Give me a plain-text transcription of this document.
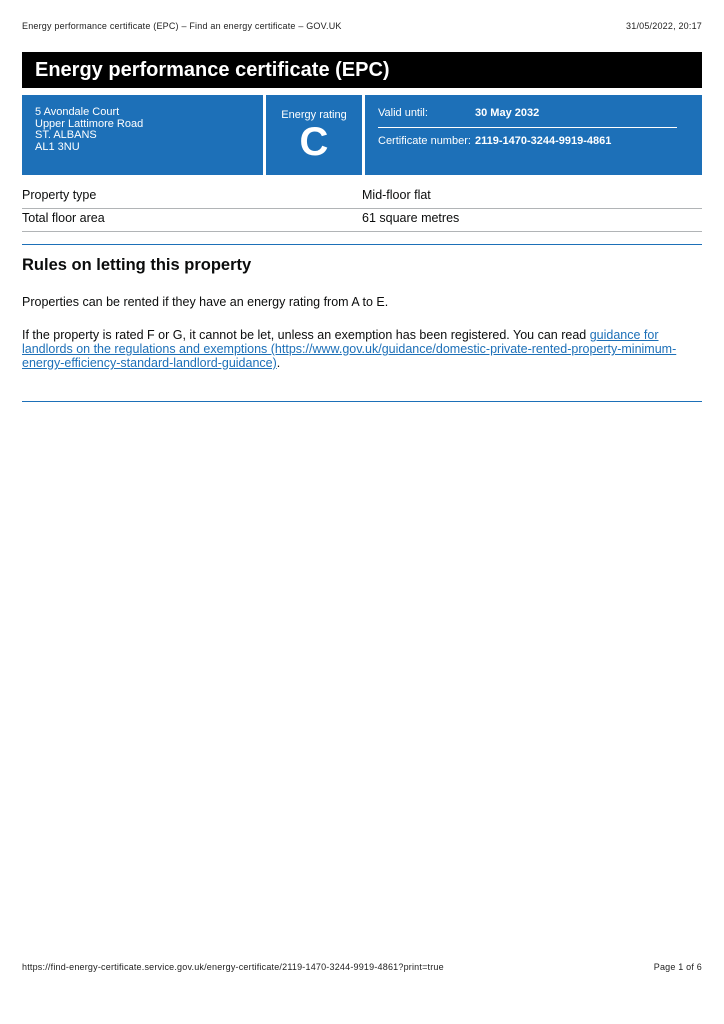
Energy performance certificate (EPC) – Find an energy certificate – GOV.UK	31/05/2022, 20:17
Energy performance certificate (EPC)
5 Avondale Court
Upper Lattimore Road
ST. ALBANS
AL1 3NU
Energy rating
C
Valid until:	30 May 2032
Certificate number: 2119-1470-3244-9919-4861
Property type	Mid-floor flat
Total floor area	61 square metres
Rules on letting this property
Properties can be rented if they have an energy rating from A to E.
If the property is rated F or G, it cannot be let, unless an exemption has been registered. You can read guidance for landlords on the regulations and exemptions (https://www.gov.uk/guidance/domestic-private-rented-property-minimum-energy-efficiency-standard-landlord-guidance).
https://find-energy-certificate.service.gov.uk/energy-certificate/2119-1470-3244-9919-4861?print=true	Page 1 of 6
